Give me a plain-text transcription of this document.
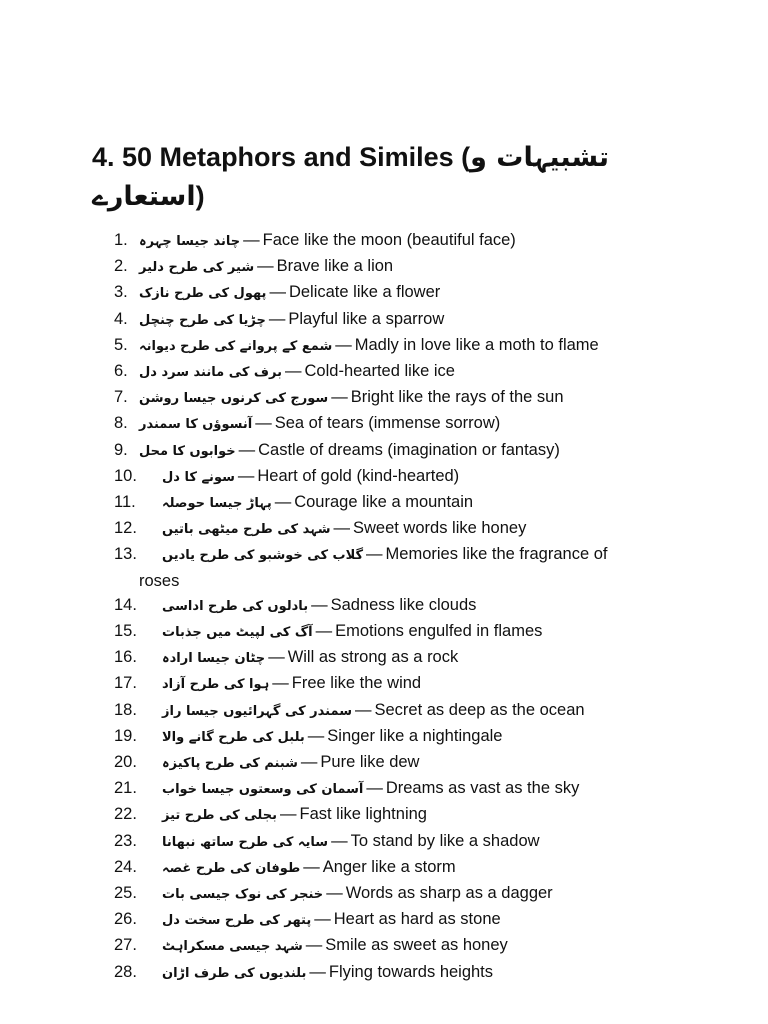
4. 50 Metaphors and Similes (تشبیہات و استعارے)
1. چاند جیسا چہرہ — Face like the moon (beautiful face)
2. شیر کی طرح دلیر — Brave like a lion
3. پھول کی طرح نازک — Delicate like a flower
4. چڑیا کی طرح چنچل — Playful like a sparrow
5. شمع کے پروانے کی طرح دیوانہ — Madly in love like a moth to flame
6. برف کی مانند سرد دل — Cold-hearted like ice
7. سورج کی کرنوں جیسا روشن — Bright like the rays of the sun
8. آنسوؤں کا سمندر — Sea of tears (immense sorrow)
9. خوابوں کا محل — Castle of dreams (imagination or fantasy)
10.	سونے کا دل — Heart of gold (kind-hearted)
11.	پہاڑ جیسا حوصلہ — Courage like a mountain
12.	شہد کی طرح میٹھی باتیں — Sweet words like honey
13.	گلاب کی خوشبو کی طرح یادیں — Memories like the fragrance of
roses
14.	بادلوں کی طرح اداسی — Sadness like clouds
15.	آگ کی لپیٹ میں جذبات — Emotions engulfed in flames
16.	چٹان جیسا ارادہ — Will as strong as a rock
17.	ہوا کی طرح آزاد — Free like the wind
18.	سمندر کی گہرائیوں جیسا راز — Secret as deep as the ocean
19.	بلبل کی طرح گانے والا — Singer like a nightingale
20.	شبنم کی طرح پاکیزہ — Pure like dew
21.	آسمان کی وسعتوں جیسا خواب — Dreams as vast as the sky
22.	بجلی کی طرح تیز — Fast like lightning
23.	سایہ کی طرح ساتھ نبھانا — To stand by like a shadow
24.	طوفان کی طرح غصہ — Anger like a storm
25.	خنجر کی نوک جیسی بات — Words as sharp as a dagger
26.	پتھر کی طرح سخت دل — Heart as hard as stone
27.	شہد جیسی مسکراہٹ — Smile as sweet as honey
28.	بلندیوں کی طرف اڑان — Flying towards heights
